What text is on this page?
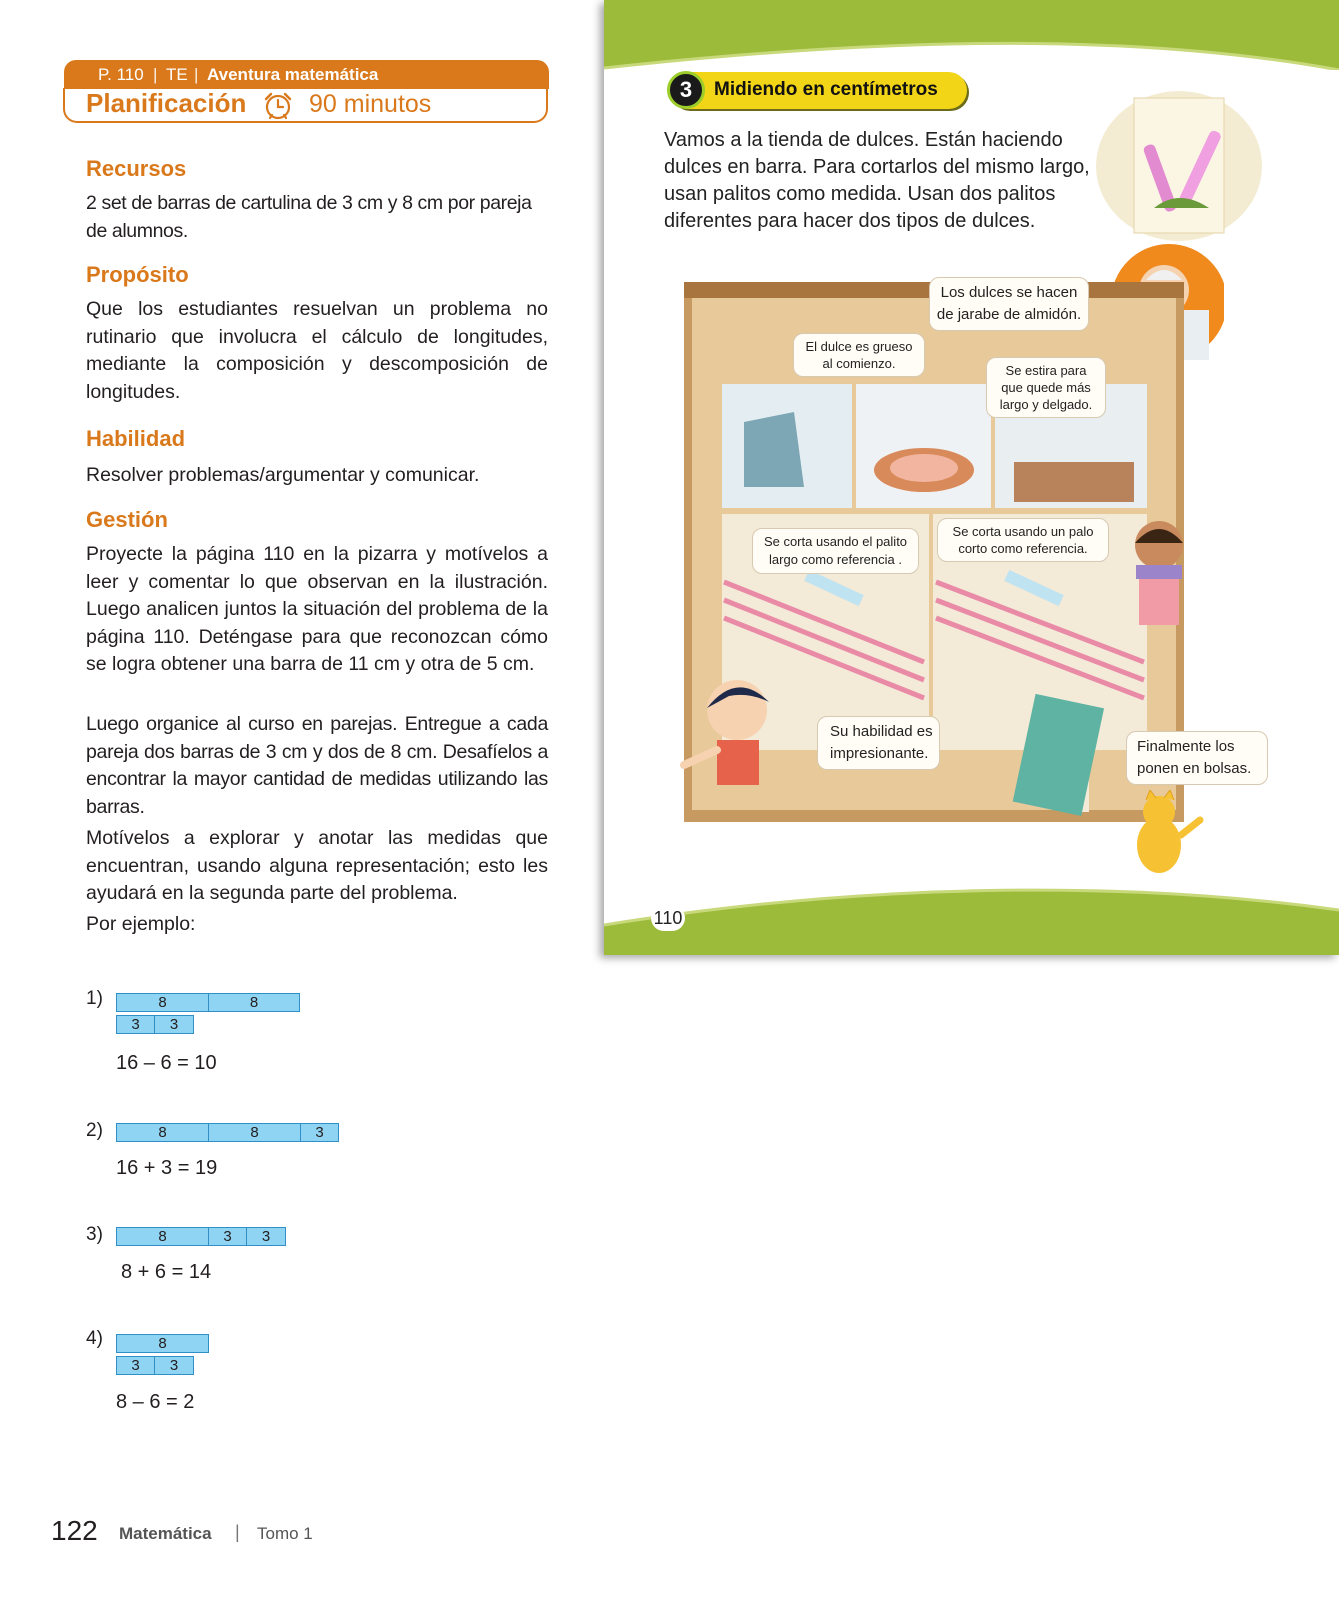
P. 110 | TE | Aventura matemática
Planificación	90 minutos
Recursos
2 set de barras de cartulina de 3 cm y 8 cm por pareja de alumnos.
Propósito
Que los estudiantes resuelvan un problema no rutinario que involucra el cálculo de longitudes, mediante la composición y descomposición de longitudes.
Habilidad
Resolver problemas/argumentar y comunicar.
Gestión
Proyecte la página 110 en la pizarra y motívelos a leer y comentar lo que observan en la ilustración. Luego analicen juntos la situación del problema de la página 110. Deténgase para que reconozcan cómo se logra obtener una barra de 11 cm y otra de 5 cm.
Luego organice al curso en parejas. Entregue a cada pareja dos barras de 3 cm y dos de 8 cm. Desafíelos a encontrar la mayor cantidad de medidas utilizando las barras.
Motívelos a explorar y anotar las medidas que encuentran, usando alguna representación; esto les ayudará en la segunda parte del problema.
Por ejemplo:
1)	8	8
3	3
16 – 6 = 10
2)	8	8	3
16 + 3 = 19
3)	8	3	3
8 + 6 = 14
4)	8
3	3
8 – 6 = 2
122 Matemática | Tomo 1
3	Midiendo en centímetros
Vamos a la tienda de dulces. Están haciendo dulces en barra. Para cortarlos del mismo largo, usan palitos como medida. Usan dos palitos diferentes para hacer dos tipos de dulces.
Los dulces se hacen de jarabe de almidón.
El dulce es grueso al comienzo.	Se estira para que quede más largo y delgado.
Se corta usando el palito largo como referencia .
Se corta usando un palo corto como referencia.
Su habilidad es impresionante.	Finalmente los ponen en bolsas.
110
